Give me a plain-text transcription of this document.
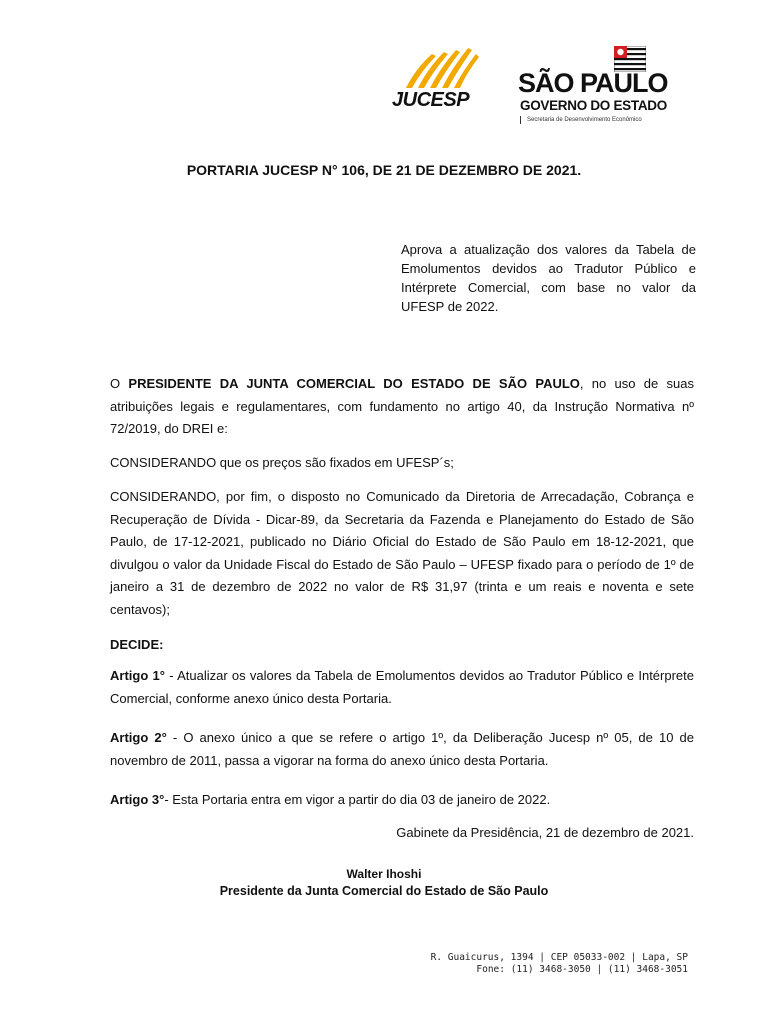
JUCESP
SÃO PAULO
GOVERNO DO ESTADO
Secretaria de Desenvolvimento Econômico
PORTARIA JUCESP N° 106, DE 21 DE DEZEMBRO DE 2021.
Aprova a atualização dos valores da Tabela de Emolumentos devidos ao Tradutor Público e Intérprete Comercial, com base no valor da UFESP de 2022.

O PRESIDENTE DA JUNTA COMERCIAL DO ESTADO DE SÃO PAULO, no uso de suas atribuições legais e regulamentares, com fundamento no artigo 40, da Instrução Normativa nº 72/2019, do DREI e:

CONSIDERANDO que os preços são fixados em UFESP´s;

CONSIDERANDO, por fim, o disposto no Comunicado da Diretoria de Arrecadação, Cobrança e Recuperação de Dívida - Dicar-89, da Secretaria da Fazenda e Planejamento do Estado de São Paulo, de 17-12-2021, publicado no Diário Oficial do Estado de São Paulo em 18-12-2021, que divulgou o valor da Unidade Fiscal do Estado de São Paulo – UFESP fixado para o período de 1º de janeiro a 31 de dezembro de 2022 no valor de R$ 31,97 (trinta e um reais e noventa e sete centavos);

DECIDE:

Artigo 1° - Atualizar os valores da Tabela de Emolumentos devidos ao Tradutor Público e Intérprete Comercial, conforme anexo único desta Portaria.

Artigo 2° - O anexo único a que se refere o artigo 1º, da Deliberação Jucesp nº 05, de 10 de novembro de 2011, passa a vigorar na forma do anexo único desta Portaria.

Artigo 3°- Esta Portaria entra em vigor a partir do dia 03 de janeiro de 2022.

Gabinete da Presidência, 21 de dezembro de 2021.
Walter Ihoshi
Presidente da Junta Comercial do Estado de São Paulo
R. Guaicurus, 1394 | CEP 05033-002 | Lapa, SP
Fone: (11) 3468-3050 | (11) 3468-3051
